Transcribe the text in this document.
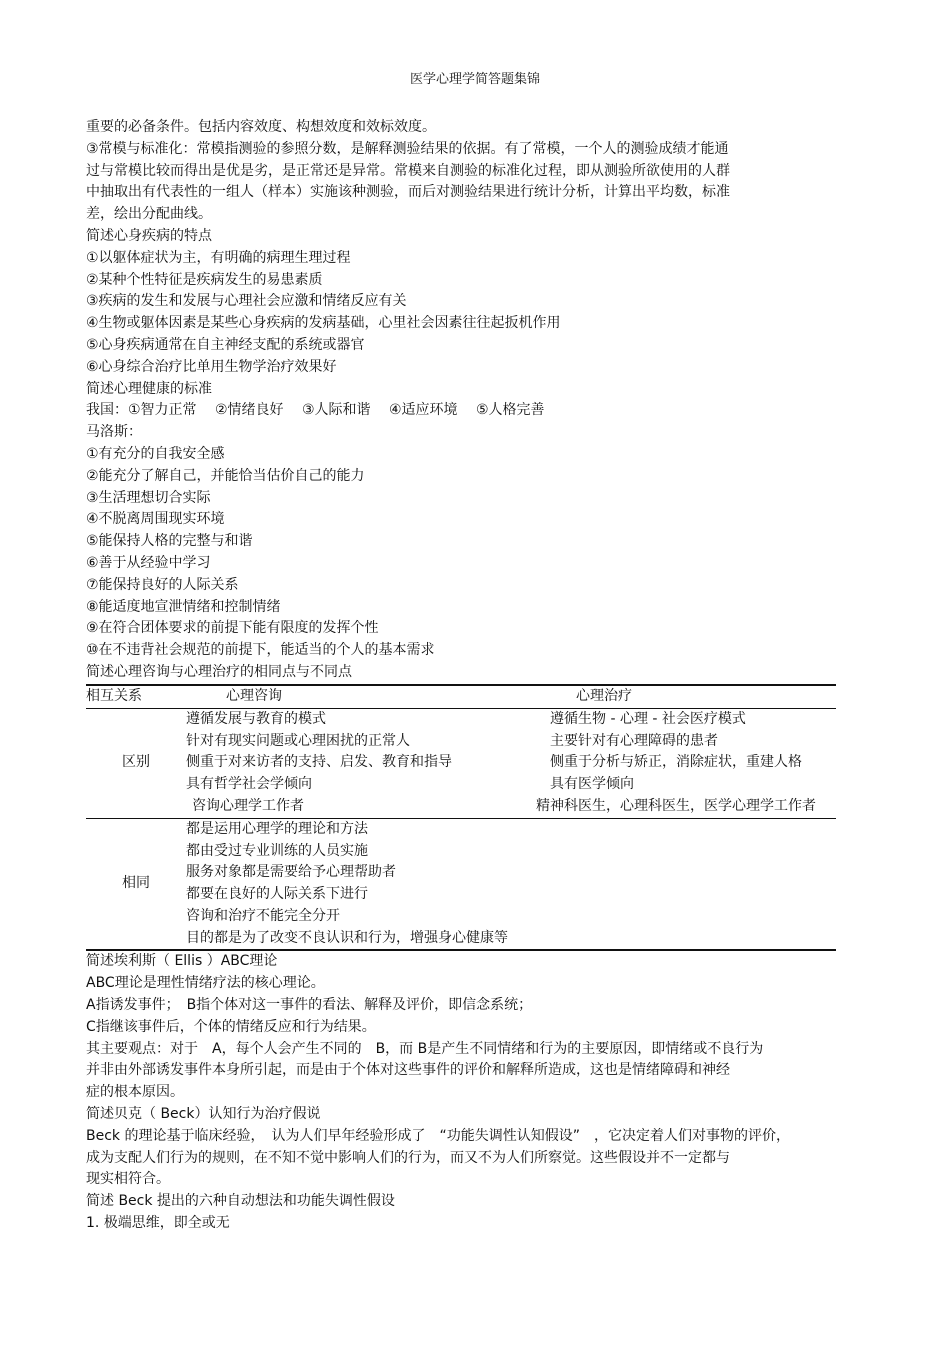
医学心理学简答题集锦
重要的必备条件。包括内容效度、构想效度和效标效度。
③常模与标准化：常模指测验的参照分数，是解释测验结果的依据。有了常模，一个人的测验成绩才能通
过与常模比较而得出是优是劣，是正常还是异常。常模来自测验的标准化过程，即从测验所欲使用的人群
中抽取出有代表性的一组人（样本）实施该种测验，而后对测验结果进行统计分析，计算出平均数，标准
差，绘出分配曲线。
简述心身疾病的特点
①以躯体症状为主，有明确的病理生理过程
②某种个性特征是疾病发生的易患素质
③疾病的发生和发展与心理社会应激和情绪反应有关
④生物或躯体因素是某些心身疾病的发病基础，心里社会因素往往起扳机作用
⑤心身疾病通常在自主神经支配的系统或器官
⑥心身综合治疗比单用生物学治疗效果好
简述心理健康的标准
我国：①智力正常　 ②情绪良好　 ③人际和谐　 ④适应环境　 ⑤人格完善
马洛斯：
①有充分的自我安全感
②能充分了解自己，并能恰当估价自己的能力
③生活理想切合实际
④不脱离周围现实环境
⑤能保持人格的完整与和谐
⑥善于从经验中学习
⑦能保持良好的人际关系
⑧能适度地宣泄情绪和控制情绪
⑨在符合团体要求的前提下能有限度的发挥个性
⑩在不违背社会规范的前提下，能适当的个人的基本需求
简述心理咨询与心理治疗的相同点与不同点
相互关系	心理咨询	心理治疗
区别	遵循发展与教育的模式	遵循生物 - 心理 - 社会医疗模式
	针对有现实问题或心理困扰的正常人	主要针对有心理障碍的患者
	侧重于对来访者的支持、启发、教育和指导	侧重于分析与矫正，消除症状，重建人格
	具有哲学社会学倾向	具有医学倾向
	咨询心理学工作者	精神科医生，心理科医生，医学心理学工作者
相同	都是运用心理学的理论和方法	
	都由受过专业训练的人员实施	
	服务对象都是需要给予心理帮助者	
	都要在良好的人际关系下进行	
	咨询和治疗不能完全分开	
	目的都是为了改变不良认识和行为，增强身心健康等	
简述埃利斯（ Ellis ）ABC理论
ABC理论是理性情绪疗法的核心理论。
A指诱发事件；　B指个体对这一事件的看法、解释及评价，即信念系统；
C指继该事件后，个体的情绪反应和行为结果。
其主要观点：对于　A，每个人会产生不同的　B，而 B是产生不同情绪和行为的主要原因，即情绪或不良行为
并非由外部诱发事件本身所引起，而是由于个体对这些事件的评价和解释所造成，这也是情绪障碍和神经
症的根本原因。
简述贝克（ Beck）认知行为治疗假说
Beck 的理论基于临床经验，　认为人们早年经验形成了　“功能失调性认知假设”　，它决定着人们对事物的评价，
成为支配人们行为的规则，在不知不觉中影响人们的行为，而又不为人们所察觉。这些假设并不一定都与
现实相符合。
简述 Beck 提出的六种自动想法和功能失调性假设
1. 极端思维，即全或无
